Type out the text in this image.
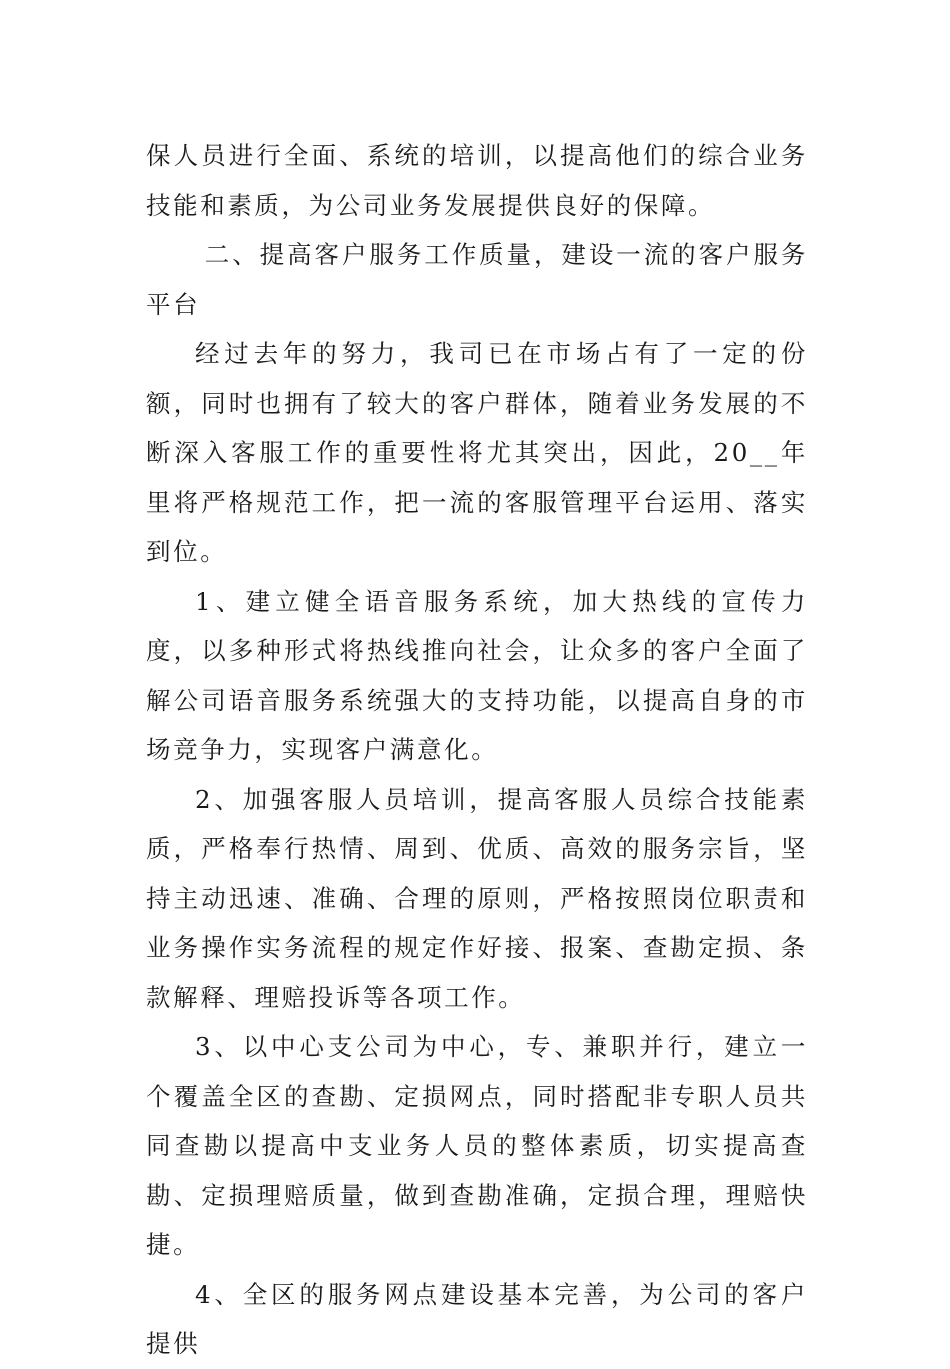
保人员进行全面、系统的培训，以提高他们的综合业务技能和素质，为公司业务发展提供良好的保障。

二、提高客户服务工作质量，建设一流的客户服务平台

经过去年的努力，我司已在市场占有了一定的份额，同时也拥有了较大的客户群体，随着业务发展的不断深入客服工作的重要性将尤其突出，因此，20__年里将严格规范工作，把一流的客服管理平台运用、落实到位。

1、建立健全语音服务系统，加大热线的宣传力度，以多种形式将热线推向社会，让众多的客户全面了解公司语音服务系统强大的支持功能，以提高自身的市场竞争力，实现客户满意化。

2、加强客服人员培训，提高客服人员综合技能素质，严格奉行热情、周到、优质、高效的服务宗旨，坚持主动迅速、准确、合理的原则，严格按照岗位职责和业务操作实务流程的规定作好接、报案、查勘定损、条款解释、理赔投诉等各项工作。

3、以中心支公司为中心，专、兼职并行，建立一个覆盖全区的查勘、定损网点，同时搭配非专职人员共同查勘以提高中支业务人员的整体素质，切实提高查勘、定损理赔质量，做到查勘准确，定损合理，理赔快捷。

4、全区的服务网点建设基本完善，为公司的客户提供
